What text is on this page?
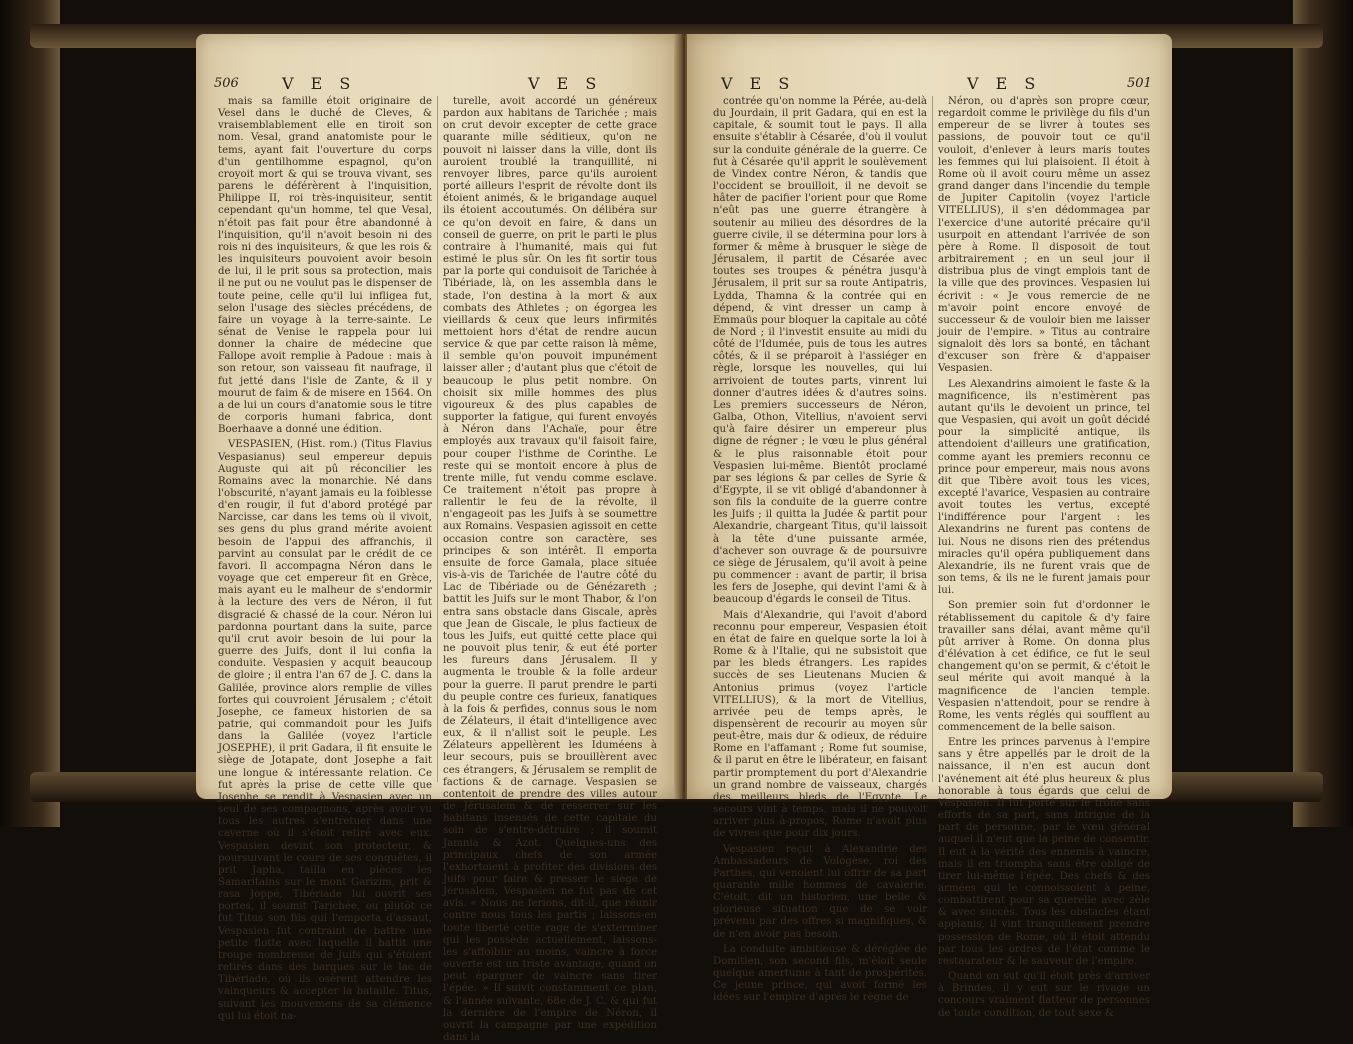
506	V E S	V E S

mais sa famille étoit originaire de Vesel dans le duché de Cleves, & vraisemblablement elle en tiroit son nom. Vesal, grand anatomiste pour le tems, ayant fait l'ouverture du corps d'un gentilhomme espagnol, qu'on croyoit mort & qui se trouva vivant, ses parens le déférèrent à l'inquisition, Philippe II, roi très-inquisiteur, sentit cependant qu'un homme, tel que Vesal, n'étoit pas fait pour être abandonné à l'inquisition, qu'il n'avoit besoin ni des rois ni des inquisiteurs, & que les rois & les inquisiteurs pouvoient avoir besoin de lui, il le prit sous sa protection, mais il ne put ou ne voulut pas le dispenser de toute peine, celle qu'il lui infligea fut, selon l'usage des siècles précédens, de faire un voyage à la terre-sainte. Le sénat de Venise le rappela pour lui donner la chaire de médecine que Fallope avoit remplie à Padoue : mais à son retour, son vaisseau fit naufrage, il fut jetté dans l'isle de Zante, & il y mourut de faim & de misere en 1564. On a de lui un cours d'anatomie sous le titre de corporis humani fabrica, dont Boerhaave a donné une édition.

VESPASIEN, (Hist. rom.) (Titus Flavius Vespasianus) seul empereur depuis Auguste qui ait pû réconcilier les Romains avec la monarchie. Né dans l'obscurité, n'ayant jamais eu la foiblesse d'en rougir, il fut d'abord protégé par Narcisse, car dans les tems où il vivoit, ses gens du plus grand mérite avoient besoin de l'appui des affranchis, il parvint au consulat par le crédit de ce favori. Il accompagna Néron dans le voyage que cet empereur fit en Grèce, mais ayant eu le malheur de s'endormir à la lecture des vers de Néron, il fut disgracié & chassé de la cour. Néron lui pardonna pourtant dans la suite, parce qu'il crut avoir besoin de lui pour la guerre des Juifs, dont il lui confia la conduite. Vespasien y acquit beaucoup de gloire ; il entra l'an 67 de J. C. dans la Galilée, province alors remplie de villes fortes qui couvroient Jérusalem ; c'étoit Josephe, ce fameux historien de sa patrie, qui commandoit pour les Juifs dans la Galilée (voyez l'article JOSEPHE), il prit Gadara, il fit ensuite le siège de Jotapate, dont Josephe a fait une longue & intéressante relation. Ce fut après la prise de cette ville que Josephe se rendit à Vespasien avec un seul de ses compagnons, après avoir vu tous les autres s'entretuer dans une caverne où il s'étoit retiré avec eux. Vespasien devint son protecteur, & poursuivant le cours de ses conquêtes, il prit Japha, tailla en pièces les Samaritains sur le mont Garizim, prit & rasa Joppé, Tibériade lui ouvrit ses portes, il soumit Tarichée, ou plutôt ce fut Titus son fils qui l'emporta d'assaut, Vespasien fut contraint de battre une petite flotte avec laquelle il battit une troupe nombreuse de Juifs qui s'étoient retirés dans des barques sur le lac de Tibériade, où ils osèrent attendre les vainqueurs & accepter la bataille. Titus, suivant les mouvemens de sa clémence qui lui étoit na-

turelle, avoit accordé un généreux pardon aux habitans de Tarichée ; mais on crut devoir excepter de cette grace quarante mille séditieux, qu'on ne pouvoit ni laisser dans la ville, dont ils auroient troublé la tranquillité, ni renvoyer libres, parce qu'ils auroient porté ailleurs l'esprit de révolte dont ils étoient animés, & le brigandage auquel ils étoient accoutumés. On délibéra sur ce qu'on devoit en faire, & dans un conseil de guerre, on prit le parti le plus contraire à l'humanité, mais qui fut estimé le plus sûr. On les fit sortir tous par la porte qui conduisoit de Tarichée à Tibériade, là, on les assembla dans le stade, l'on destina à la mort & aux combats des Athletes ; on égorgea les vieillards & ceux que leurs infirmités mettoient hors d'état de rendre aucun service & que par cette raison là même, il semble qu'on pouvoit impunément laisser aller ; d'autant plus que c'étoit de beaucoup le plus petit nombre. On choisit six mille hommes des plus vigoureux & des plus capables de supporter la fatigue, qui furent envoyés à Néron dans l'Achaïe, pour être employés aux travaux qu'il faisoit faire, pour couper l'isthme de Corinthe. Le reste qui se montoit encore à plus de trente mille, fut vendu comme esclave. Ce traitement n'étoit pas propre à rallentir le feu de la révolte, il n'engageoit pas les Juifs à se soumettre aux Romains. Vespasien agissoit en cette occasion contre son caractère, ses principes & son intérêt. Il emporta ensuite de force Gamala, place située vis-à-vis de Tarichée de l'autre côté du Lac de Tibériade ou de Génézareth ; battit les Juifs sur le mont Thabor, & l'on entra sans obstacle dans Giscale, après que Jean de Giscale, le plus factieux de tous les Juifs, eut quitté cette place qui ne pouvoit plus tenir, & eut été porter les fureurs dans Jérusalem. Il y augmenta le trouble & la folle ardeur pour la guerre. Il parut prendre le parti du peuple contre ces furieux, fanatiques à la fois & perfides, connus sous le nom de Zélateurs, il était d'intelligence avec eux, & il n'allist soit le peuple. Les Zélateurs appellèrent les Iduméens à leur secours, puis se brouillèrent avec ces étrangers, & Jérusalem se remplit de factions & de carnage. Vespasien se contentoit de prendre des villes autour de Jérusalem & de resserrer sur les habitans insensés de cette capitale du soin de s'entre-détruire ; il soumit Jamnia & Azot. Quelques-uns des principaux chefs de son armée l'exhortoient à profiter des divisions des Juifs pour faire & presser le siège de Jérusalem, Vespasien ne fut pas de cet avis. « Nous ne ferions, dit-il, que réunir contre nous tous les partis ; laissons-en toute liberté cette rage de s'exterminer qui les possède actuellement, laissons-les s'affoiblir au moins, vaincre à force ouverte est un triste avantage, quand on peut épargner de vaincre sans tirer l'épée. » Il suivit constamment ce plan, & l'année suivante, 68e de J. C. & qui fut la dernière de l'empire de Néron, il ouvrit la campagne par une expédition dans la

V E S	V E S	501

contrée qu'on nomme la Pérée, au-delà du Jourdain, il prit Gadara, qui en est la capitale, & soumit tout le pays. Il alla ensuite s'établir à Césarée, d'où il voulut sur la conduite générale de la guerre. Ce fut à Césarée qu'il apprit le soulèvement de Vindex contre Néron, & tandis que l'occident se brouilloit, il ne devoit se hâter de pacifier l'orient pour que Rome n'eût pas une guerre étrangère à soutenir au milieu des désordres de la guerre civile, il se détermina pour lors à former & même à brusquer le siège de Jérusalem, il partit de Césarée avec toutes ses troupes & pénétra jusqu'à Jérusalem, il prit sur sa route Antipatris, Lydda, Thamna & la contrée qui en dépend, & vint dresser un camp à Emmaüs pour bloquer la capitale au côté de Nord ; il l'investit ensuite au midi du côté de l'Idumée, puis de tous les autres côtés, & il se préparoit à l'assiéger en règle, lorsque les nouvelles, qui lui arrivoient de toutes parts, vinrent lui donner d'autres idées & d'autres soins. Les premiers successeurs de Néron, Galba, Othon, Vitellius, n'avoient servi qu'à faire désirer un empereur plus digne de régner ; le vœu le plus général & le plus raisonnable étoit pour Vespasien lui-même. Bientôt proclamé par ses légions & par celles de Syrie & d'Egypte, il se vit obligé d'abandonner à son fils la conduite de la guerre contre les Juifs ; il quitta la Judée & partit pour Alexandrie, chargeant Titus, qu'il laissoit à la tête d'une puissante armée, d'achever son ouvrage & de poursuivre ce siège de Jérusalem, qu'il avoit à peine pu commencer : avant de partir, il brisa les fers de Josephe, qui devint l'ami & à beaucoup d'égards le conseil de Titus.

Mais d'Alexandrie, qui l'avoit d'abord reconnu pour empereur, Vespasien étoit en état de faire en quelque sorte la loi à Rome & à l'Italie, qui ne subsistoit que par les bleds étrangers. Les rapides succès de ses Lieutenans Mucien & Antonius primus (voyez l'article VITELLIUS), & la mort de Vitellius, arrivée peu de temps après, le dispensèrent de recourir au moyen sûr peut-être, mais dur & odieux, de réduire Rome en l'affamant ; Rome fut soumise, & il parut en être le libérateur, en faisant partir promptement du port d'Alexandrie un grand nombre de vaisseaux, chargés des meilleurs bleds de l'Egypte. Le secours vint à temps, mais il ne pouvoit arriver plus à-propos, Rome n'avoit plus de vivres que pour dix jours.

Vespasien reçut à Alexandrie des Ambassadeurs de Vologèse, roi des Parthes, qui venoient lui offrir de sa part quarante mille hommes de cavalerie. C'étoit, dit un historien, une belle & glorieuse situation que de se voir prévenu par des offres si magnifiques, & de n'en avoir pas besoin.

La conduite ambitieuse & déréglée de Domitien, son second fils, m'êloit seule quelque amertume à tant de prospérités. Ce jeune prince, qui avoit formé les idées sur l'empire d'après le règne de

Néron, ou d'après son propre cœur, regardoit comme le privilège du fils d'un empereur de se livrer à toutes ses passions, de pouvoir tout ce qu'il vouloit, d'enlever à leurs maris toutes les femmes qui lui plaisoient. Il étoit à Rome où il avoit couru même un assez grand danger dans l'incendie du temple de Jupiter Capitolin (voyez l'article VITELLIUS), il s'en dédommagea par l'exercice d'une autorité précaire qu'il usurpoit en attendant l'arrivée de son père à Rome. Il disposoit de tout arbitrairement ; en un seul jour il distribua plus de vingt emplois tant de la ville que des provinces. Vespasien lui écrivit : « Je vous remercie de ne m'avoir point encore envoyé de successeur & de vouloir bien me laisser jouir de l'empire. » Titus au contraire signaloit dès lors sa bonté, en tâchant d'excuser son frère & d'appaiser Vespasien.

Les Alexandrins aimoient le faste & la magnificence, ils n'estimèrent pas autant qu'ils le devoient un prince, tel que Vespasien, qui avoit un goût décidé pour la simplicité antique, ils attendoient d'ailleurs une gratification, comme ayant les premiers reconnu ce prince pour empereur, mais nous avons dit que Tibère avoit tous les vices, excepté l'avarice, Vespasien au contraire avoit toutes les vertus, excepté l'indifférence pour l'argent : les Alexandrins ne furent pas contens de lui. Nous ne disons rien des prétendus miracles qu'il opéra publiquement dans Alexandrie, ils ne furent vrais que de son tems, & ils ne le furent jamais pour lui.

Son premier soin fut d'ordonner le rétablissement du capitole & d'y faire travailler sans délai, avant même qu'il pût arriver à Rome. On donna plus d'élévation à cet édifice, ce fut le seul changement qu'on se permit, & c'étoit le seul mérite qui avoit manqué à la magnificence de l'ancien temple. Vespasien n'attendoit, pour se rendre à Rome, les vents réglés qui soufflent au commencement de la belle saison.

Entre les princes parvenus à l'empire sans y être appellés par le droit de la naissance, il n'en est aucun dont l'avénement ait été plus heureux & plus honorable à tous égards que celui de Vespasien. Il fut porté sur le trône sans efforts de sa part, sans intrigue de la part de personne, par le vœu général auquel il n'eut que la peine de consentir. Il eut à la vérité des ennemis à vaincre, mais il en triompha sans être obligé de tirer lui-même l'épée. Des chefs & des armées qui le connoissoient à peine, combattirent pour sa querelle avec zèle & avec succès. Tous les obstacles étant applanis, il vint tranquillement prendre possession de Rome, où il étoit attendu par tous les ordres de l'état comme le restaurateur & le sauveur de l'empire.

Quand on sut qu'il étoit près d'arriver à Brindes, il y eut sur le rivage un concours vraiment flatteur de personnes de toute condition, de tout sexe &
